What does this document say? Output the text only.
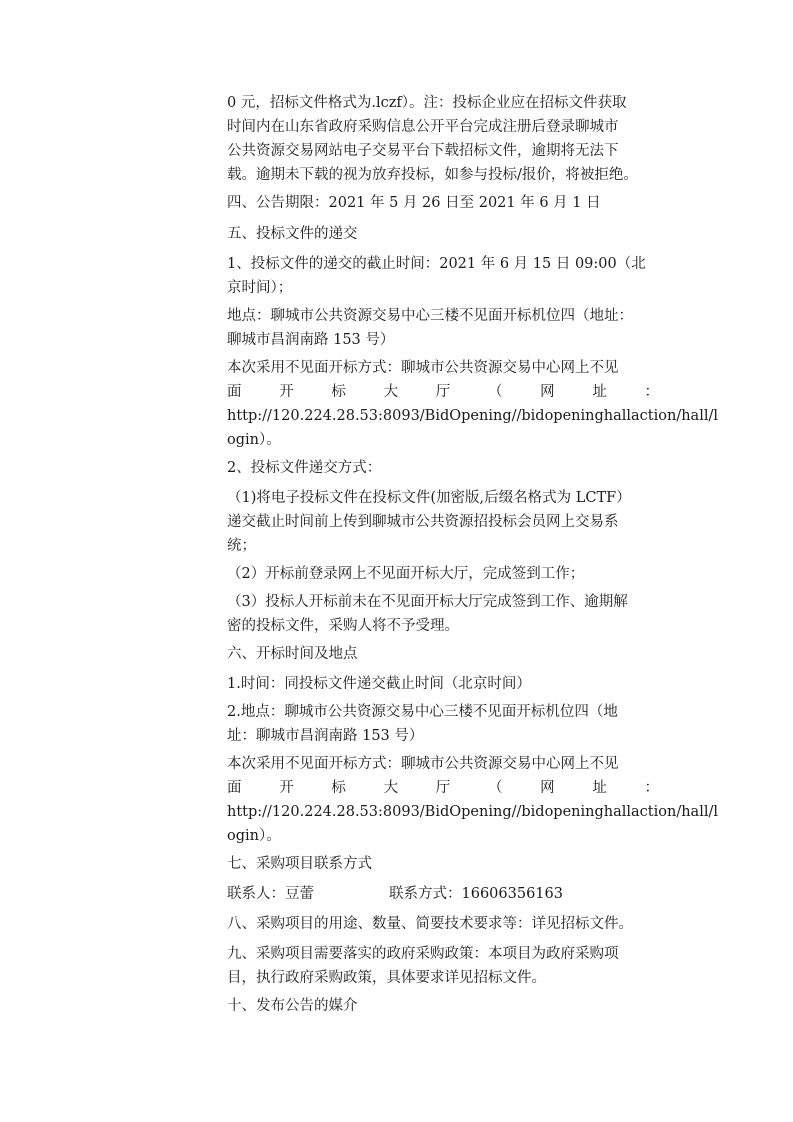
0 元，招标文件格式为.lczf）。注：投标企业应在招标文件获取
时间内在山东省政府采购信息公开平台完成注册后登录聊城市
公共资源交易网站电子交易平台下载招标文件，逾期将无法下
载。逾期未下载的视为放弃投标，如参与投标/报价，将被拒绝。
四、公告期限：2021 年 5 月 26 日至 2021 年 6 月 1 日
五、投标文件的递交
1、投标文件的递交的截止时间：2021 年 6 月 15 日 09:00（北
京时间）；
地点：聊城市公共资源交易中心三楼不见面开标机位四（地址：
聊城市昌润南路 153 号）
本次采用不见面开标方式：聊城市公共资源交易中心网上不见
面	开	标	大	厅	（	网	址	：
http://120.224.28.53:8093/BidOpening//bidopeninghallaction/hall/l
ogin）。
2、投标文件递交方式：
（1)将电子投标文件在投标文件(加密版,后缀名格式为 LCTF）
递交截止时间前上传到聊城市公共资源招投标会员网上交易系
统；
（2）开标前登录网上不见面开标大厅，完成签到工作；
（3）投标人开标前未在不见面开标大厅完成签到工作、逾期解
密的投标文件，采购人将不予受理。
六、开标时间及地点
1.时间：同投标文件递交截止时间（北京时间）
2.地点：聊城市公共资源交易中心三楼不见面开标机位四（地
址：聊城市昌润南路 153 号）
本次采用不见面开标方式：聊城市公共资源交易中心网上不见
面	开	标	大	厅	（	网	址	：
http://120.224.28.53:8093/BidOpening//bidopeninghallaction/hall/l
ogin）。
七、采购项目联系方式
联系人：豆蕾	联系方式：16606356163
八、采购项目的用途、数量、简要技术要求等：详见招标文件。
九、采购项目需要落实的政府采购政策：本项目为政府采购项
目，执行政府采购政策，具体要求详见招标文件。
十、发布公告的媒介
